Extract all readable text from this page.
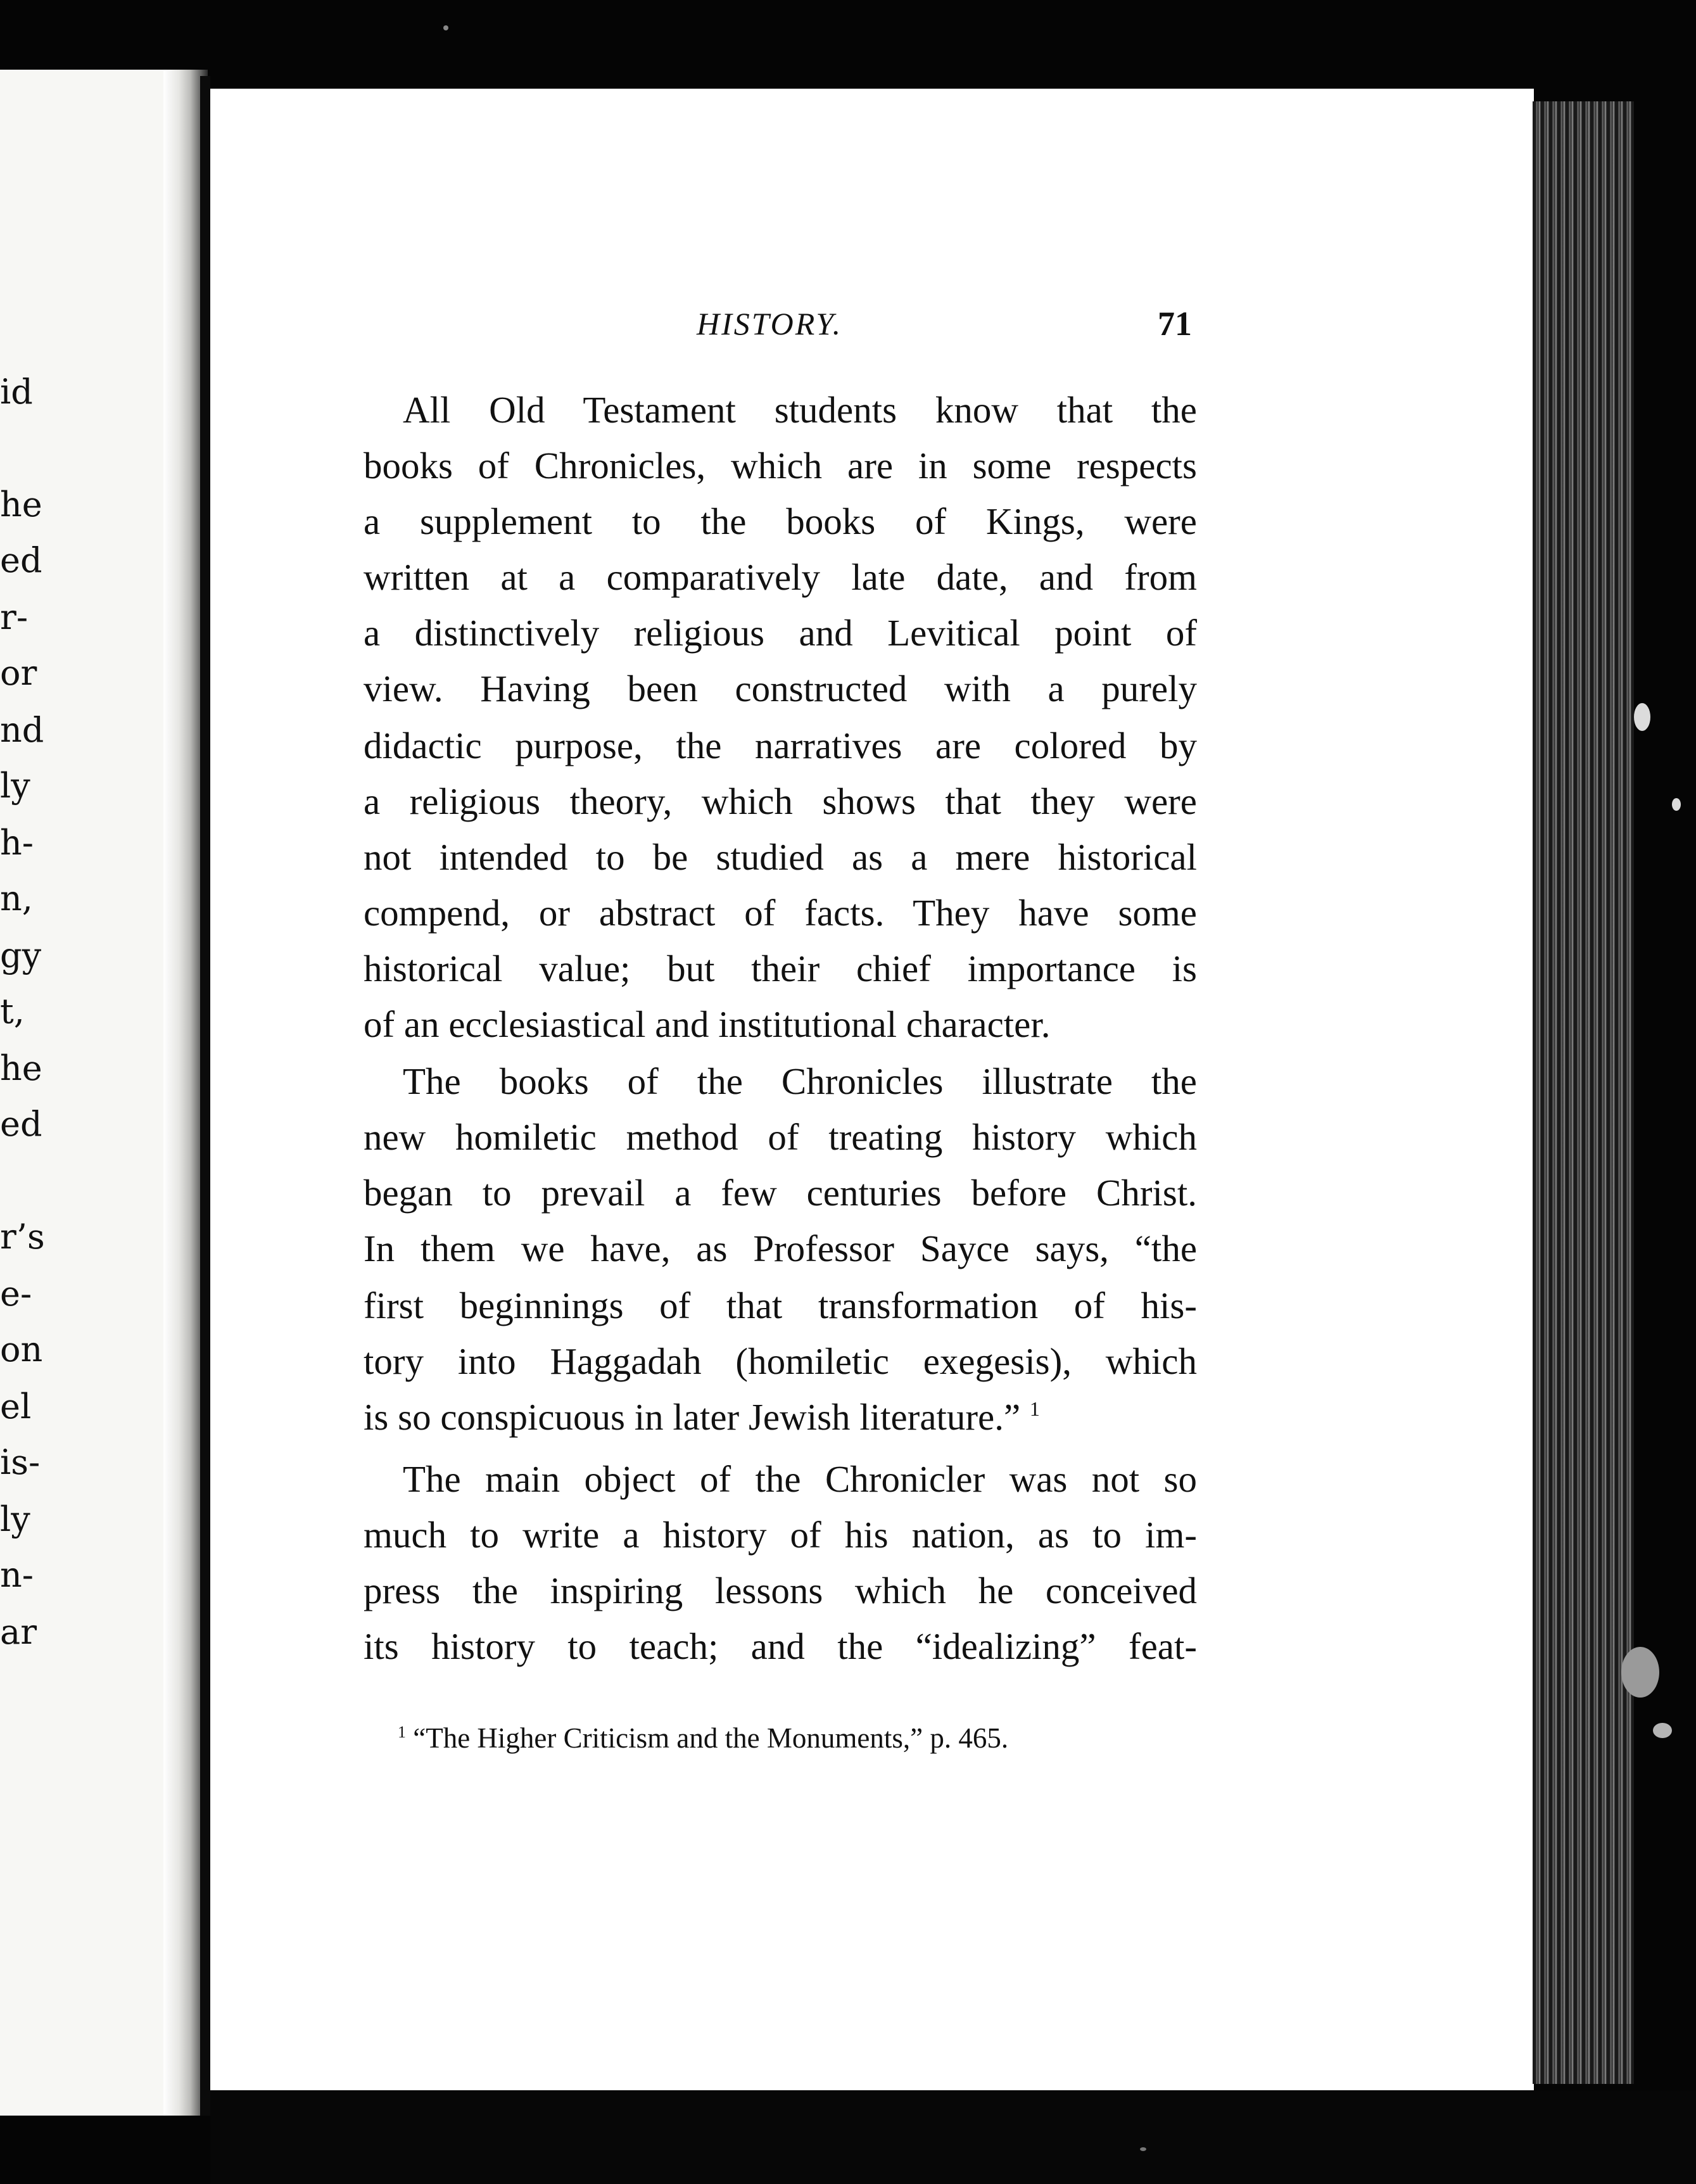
id
he
ed
r-
or
nd
ly
h-
n,
gy
t,
he
ed
r’s
e-
on
el
is-
ly
n-
ar
HISTORY.	71
All Old Testament students know that the
books of Chronicles, which are in some respects
a supplement to the books of Kings, were
written at a comparatively late date, and from
a distinctively religious and Levitical point of
view. Having been constructed with a purely
didactic purpose, the narratives are colored by
a religious theory, which shows that they were
not intended to be studied as a mere historical
compend, or abstract of facts. They have some
historical value; but their chief importance is
of an ecclesiastical and institutional character.
The books of the Chronicles illustrate the
new homiletic method of treating history which
began to prevail a few centuries before Christ.
In them we have, as Professor Sayce says, “the
first beginnings of that transformation of his-
tory into Haggadah (homiletic exegesis), which
is so conspicuous in later Jewish literature.” $^1$
The main object of the Chronicler was not so
much to write a history of his nation, as to im-
press the inspiring lessons which he conceived
its history to teach; and the “idealizing” feat-
$^1$ “The Higher Criticism and the Monuments,” p. 465.
